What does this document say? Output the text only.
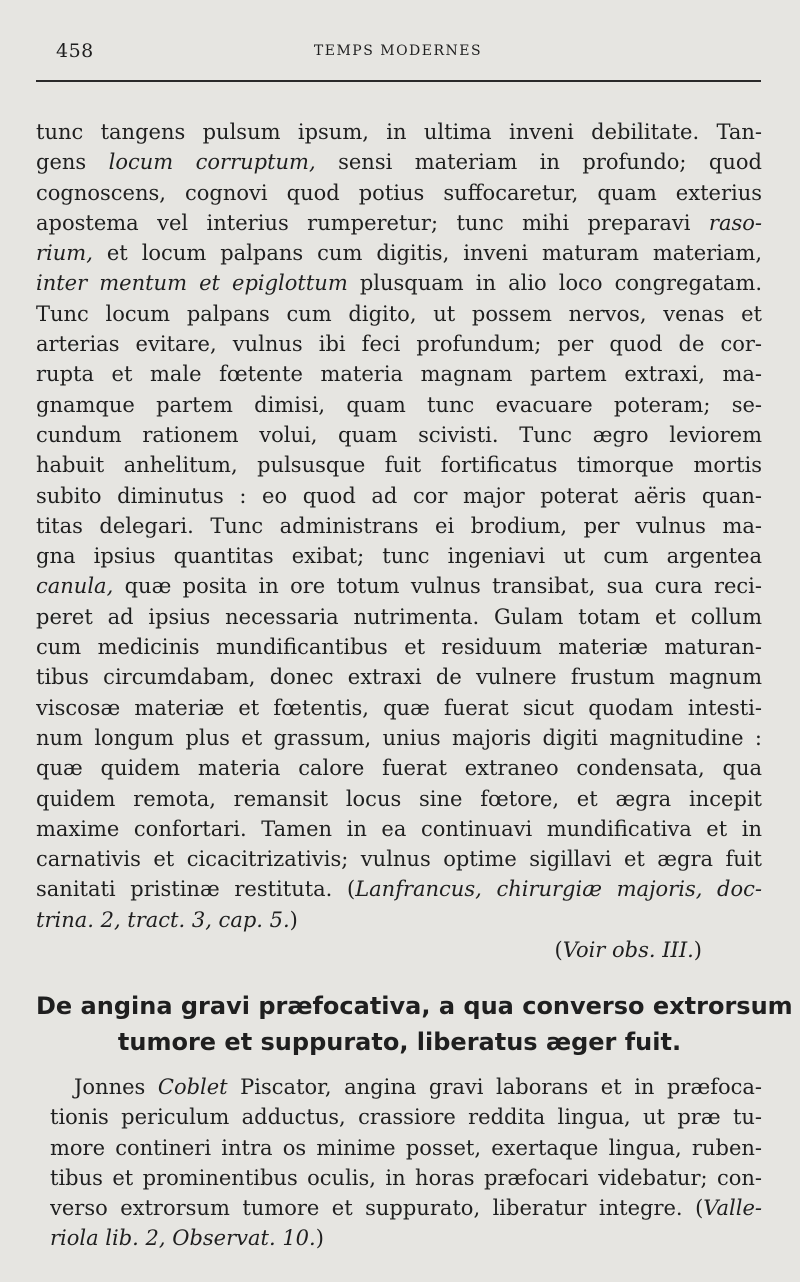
458	TEMPS MODERNES
tunc tangens pulsum ipsum, in ultima inveni debilitate. Tan-
gens locum corruptum, sensi materiam in profundo; quod
cognoscens, cognovi quod potius suffocaretur, quam exterius
apostema vel interius rumperetur; tunc mihi preparavi raso-
rium, et locum palpans cum digitis, inveni maturam materiam,
inter mentum et epiglottum plusquam in alio loco congregatam.
Tunc locum palpans cum digito, ut possem nervos, venas et
arterias evitare, vulnus ibi feci profundum; per quod de cor-
rupta et male fœtente materia magnam partem extraxi, ma-
gnamque partem dimisi, quam tunc evacuare poteram; se-
cundum rationem volui, quam scivisti. Tunc ægro leviorem
habuit anhelitum, pulsusque fuit fortificatus timorque mortis
subito diminutus : eo quod ad cor major poterat aëris quan-
titas delegari. Tunc administrans ei brodium, per vulnus ma-
gna ipsius quantitas exibat; tunc ingeniavi ut cum argentea
canula, quæ posita in ore totum vulnus transibat, sua cura reci-
peret ad ipsius necessaria nutrimenta. Gulam totam et collum
cum medicinis mundificantibus et residuum materiæ maturan-
tibus circumdabam, donec extraxi de vulnere frustum magnum
viscosæ materiæ et fœtentis, quæ fuerat sicut quodam intesti-
num longum plus et grassum, unius majoris digiti magnitudine :
quæ quidem materia calore fuerat extraneo condensata, qua
quidem remota, remansit locus sine fœtore, et ægra incepit
maxime confortari. Tamen in ea continuavi mundificativa et in
carnativis et cicacitrizativis; vulnus optime sigillavi et ægra fuit
sanitati pristinæ restituta. (Lanfrancus, chirurgiæ majoris, doc-
trina. 2, tract. 3, cap. 5.)
(Voir obs. III.)
De angina gravi præfocativa, a qua converso extrorsum
tumore et suppurato, liberatus æger fuit.
Jonnes Coblet Piscator, angina gravi laborans et in præfoca-
tionis periculum adductus, crassiore reddita lingua, ut præ tu-
more contineri intra os minime posset, exertaque lingua, ruben-
tibus et prominentibus oculis, in horas præfocari videbatur; con-
verso extrorsum tumore et suppurato, liberatur integre. (Valle-
riola lib. 2, Observat. 10.)
